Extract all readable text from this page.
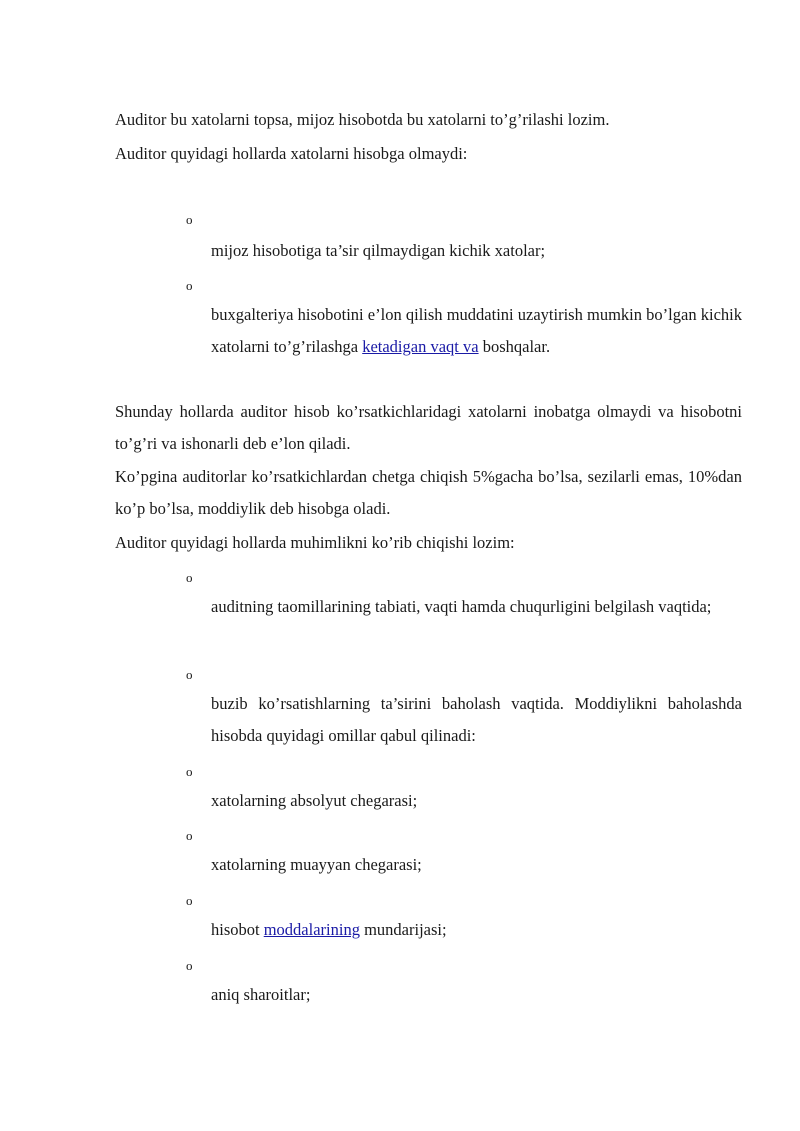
Auditor bu xatolarni topsa, mijoz hisobotda bu xatolarni to’g’rilashi lozim.

Auditor quyidagi hollarda xatolarni hisobga olmaydi:

o

mijoz hisobotiga ta’sir qilmaydigan kichik xatolar;

o

buxgalteriya hisobotini e’lon qilish muddatini uzaytirish mumkin bo’lgan kichik xatolarni to’g’rilashga ketadigan vaqt va boshqalar.

Shunday hollarda auditor hisob ko’rsatkichlaridagi xatolarni inobatga olmaydi va hisobotni to’g’ri va ishonarli deb e’lon qiladi.

Ko’pgina auditorlar ko’rsatkichlardan chetga chiqish 5%gacha bo’lsa, sezilarli emas, 10%dan ko’p bo’lsa, moddiylik deb hisobga oladi.

Auditor quyidagi hollarda muhimlikni ko’rib chiqishi lozim:

o

auditning taomillarining tabiati, vaqti hamda chuqurligini belgilash vaqtida;

o

buzib ko’rsatishlarning ta’sirini baholash vaqtida. Moddiylikni baholashda hisobda quyidagi omillar qabul qilinadi:

o

xatolarning absolyut chegarasi;

o

xatolarning muayyan chegarasi;

o

hisobot moddalarining mundarijasi;

o

aniq sharoitlar;
